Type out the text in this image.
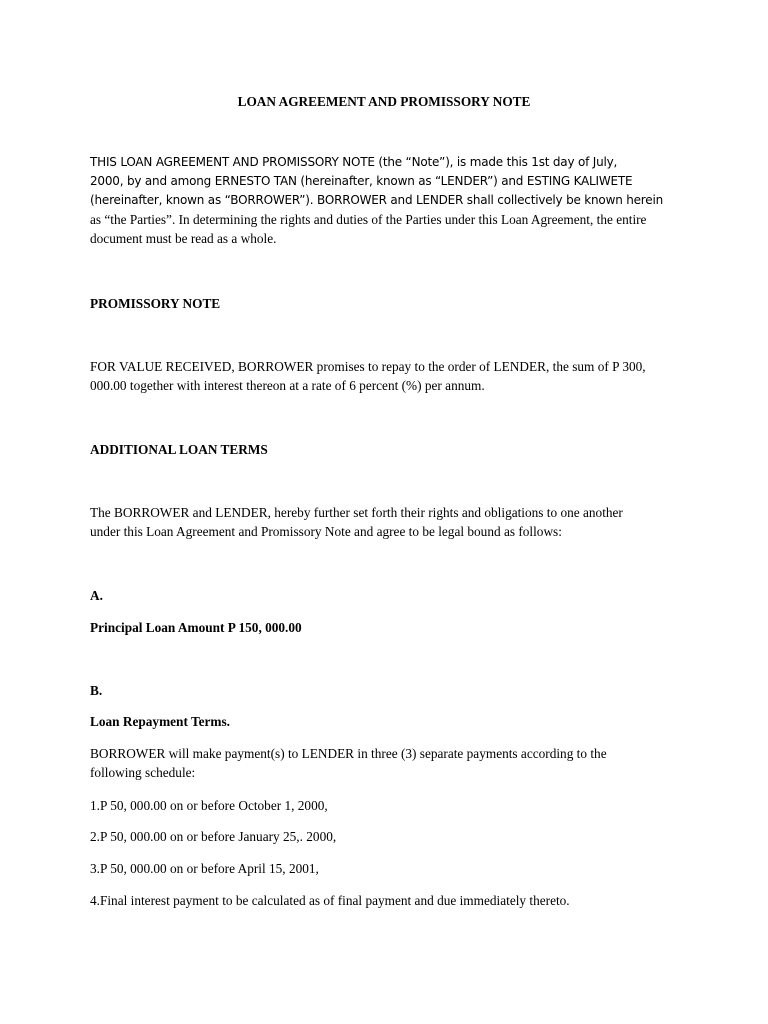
LOAN AGREEMENT AND PROMISSORY NOTE
THIS LOAN AGREEMENT AND PROMISSORY NOTE (the “Note”), is made this 1st day of July,
2000, by and among ERNESTO TAN (hereinafter, known as “LENDER”) and ESTING KALIWETE
(hereinafter, known as “BORROWER”). BORROWER and LENDER shall collectively be known herein
as “the Parties”. In determining the rights and duties of the Parties under this Loan Agreement, the entire
document must be read as a whole.
PROMISSORY NOTE
FOR VALUE RECEIVED, BORROWER promises to repay to the order of LENDER, the sum of P 300,
000.00 together with interest thereon at a rate of 6 percent (%) per annum.
ADDITIONAL LOAN TERMS
The BORROWER and LENDER, hereby further set forth their rights and obligations to one another
under this Loan Agreement and Promissory Note and agree to be legal bound as follows:
A.
Principal Loan Amount P 150, 000.00
B.
Loan Repayment Terms.
BORROWER will make payment(s) to LENDER in three (3) separate payments according to the
following schedule:
1.P 50, 000.00 on or before October 1, 2000,
2.P 50, 000.00 on or before January 25,. 2000,
3.P 50, 000.00 on or before April 15, 2001,
4.Final interest payment to be calculated as of final payment and due immediately thereto.
